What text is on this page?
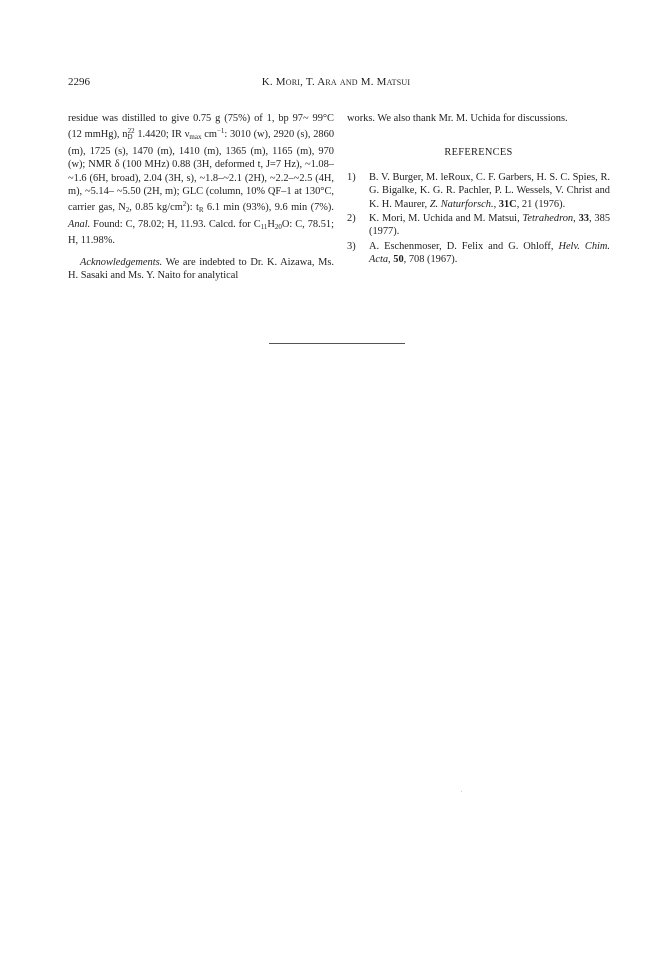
2296	K. Mori, T. Ara and M. Matsui

residue was distilled to give 0.75 g (75%) of 1, bp 97~ 99°C (12 mmHg), $n_D^{22}$ 1.4420; IR $\nu_{max}$ $cm^{-1}$: 3010 (w), 2920 (s), 2860 (m), 1725 (s), 1470 (m), 1410 (m), 1365 (m), 1165 (m), 970 (w); NMR δ (100 MHz) 0.88 (3H, deformed t, J=7 Hz), ~1.08–~1.6 (6H, broad), 2.04 (3H, s), ~1.8–~2.1 (2H), ~2.2–~2.5 (4H, m), ~5.14– ~5.50 (2H, m); GLC (column, 10% QF–1 at 130°C, carrier gas, $N_2$, 0.85 $kg/cm^2$): $t_R$ 6.1 min (93%), 9.6 min (7%). Anal. Found: C, 78.02; H, 11.93. Calcd. for $C_{11}H_{20}O$: C, 78.51; H, 11.98%.

Acknowledgements. We are indebted to Dr. K. Aizawa, Ms. H. Sasaki and Ms. Y. Naito for analytical

works. We also thank Mr. M. Uchida for discussions.

REFERENCES

1)	B. V. Burger, M. leRoux, C. F. Garbers, H. S. C. Spies, R. G. Bigalke, K. G. R. Pachler, P. L. Wessels, V. Christ and K. H. Maurer, Z. Naturforsch., 31C, 21 (1976).
2)	K. Mori, M. Uchida and M. Matsui, Tetrahedron, 33, 385 (1977).
3)	A. Eschenmoser, D. Felix and G. Ohloff, Helv. Chim. Acta, 50, 708 (1967).
